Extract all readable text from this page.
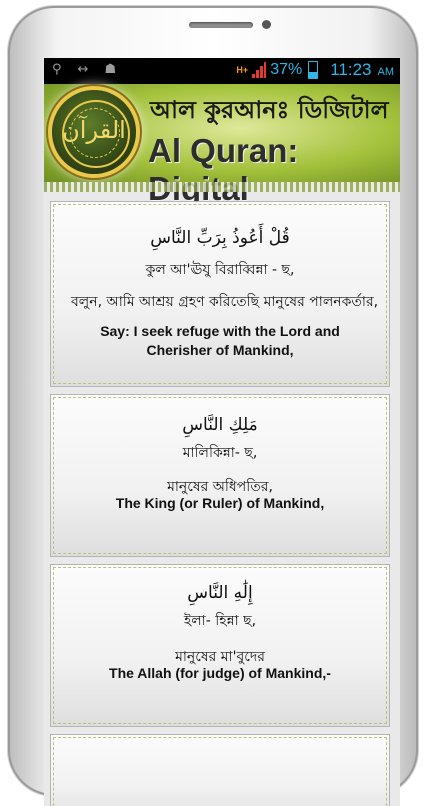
⚲ ↔ ☗	H+ 37% 11:23 AM
القرآن
আল কুরআনঃ ডিজিটাল
Al Quran:
قُلْ أَعُوذُ بِرَبِّ النَّاسِ
কুল আ'ঊযু বিরাব্বিন্না - ছ,
বলুন, আমি আশ্রয় গ্রহণ করিতেছি মানুষের পালনকর্তার,
Say: I seek refuge with the Lord and Cherisher of Mankind,
مَلِكِ النَّاسِ
মালিকিন্না- ছ,
মানুষের অধিপতির,
The King (or Ruler) of Mankind,
إِلَٰهِ النَّاسِ
ইলা- হিন্না ছ,
মানুষের মা'বুদের
The Allah (for judge) of Mankind,-
